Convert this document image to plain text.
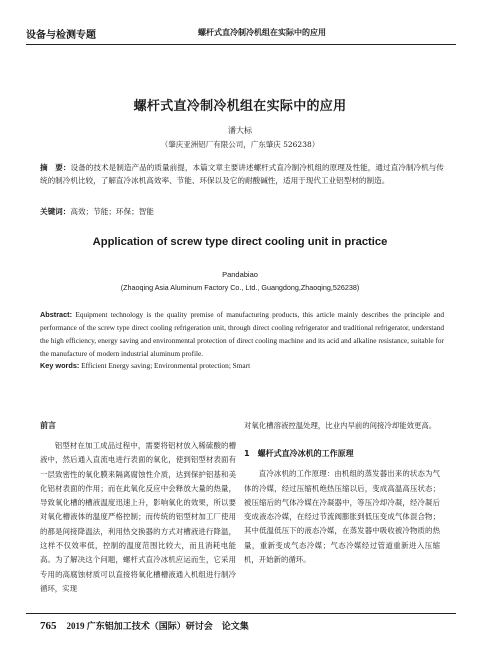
设备与检测专题	螺杆式直冷制冷机组在实际中的应用
螺杆式直冷制冷机组在实际中的应用
潘大标
（肇庆亚洲铝厂有限公司，广东肇庆 526238）
摘　要：设备的技术是制造产品的质量前提，本篇文章主要讲述螺杆式直冷制冷机组的原理及性能，通过直冷制冷机与传统的制冷机比较，了解直冷冰机高效率、节能、环保以及它的耐酸碱性，适用于现代工业铝型材的制造。
关键词：高效；节能；环保；智能
Application of screw type direct cooling unit in practice
Pandabiao
(Zhaoqing Asia Aluminum Factory Co., Ltd., Guangdong,Zhaoqing,526238)
Abstract: Equipment technology is the quality premise of manufacturing products, this article mainly describes the principle and performance of the screw type direct cooling refrigeration unit, through direct cooling refrigerator and traditional refrigerator, understand the high efficiency, energy saving and environmental protection of direct cooling machine and its acid and alkaline resistance, suitable for the manufacture of modern industrial aluminum profile.
Key words: Efficient Energy saving; Environmental protection; Smart
前言

铝型材在加工成品过程中，需要将铝材放入稀硫酸的槽液中，然后通入直流电进行表面的氧化，使到铝型材表面有一层致密性的氧化膜来隔离腐蚀性介质，达到保护铝基和美化铝材表面的作用；而在此氧化反应中会释放大量的热量，导致氧化槽的槽液温度迅速上升，影响氧化的效果，所以要对氧化槽液体的温度严格控制；而传统的铝型材加工厂使用的都是间接降温法，利用热交换器的方式对槽液进行降温，这样不仅效率低，控制的温度范围比较大，而且消耗电能高。为了解决这个问题，螺杆式直冷冰机应运而生，它采用专用的高腐蚀材质可以直接将氧化槽槽液通入机组进行制冷循环，实现

对氧化槽溶液控温处理，比业内早前的间接冷却能效更高。

1　螺杆式直冷冰机的工作原理

直冷冰机的工作原理：由机组的蒸发器出来的状态为气体的冷媒，经过压缩机绝热压缩以后，变成高温高压状态；被压缩后的气体冷媒在冷凝器中，等压冷却冷凝，经冷凝后变成液态冷媒，在经过节流阀膨胀到低压变成气体混合物；其中低温低压下的液态冷媒，在蒸发器中吸收被冷物质的热量，重新变成气态冷媒；气态冷媒经过管道重新进入压缩机，开始新的循环。

765 2019 广东铝加工技术（国际）研讨会　论文集
